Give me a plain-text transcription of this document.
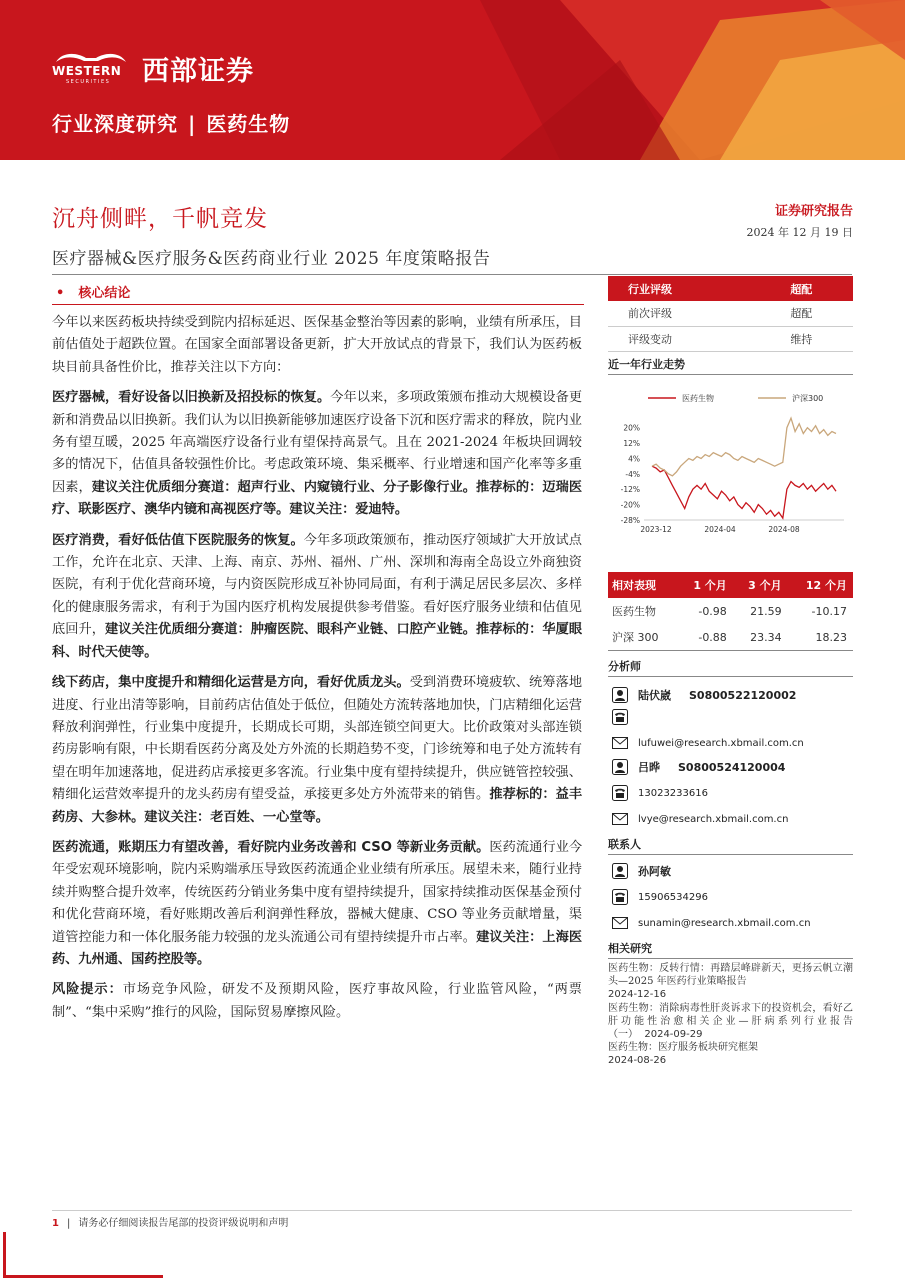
WESTERN
SECURITIES 西部证券
行业深度研究 | 医药生物
沉舟侧畔，千帆竞发
医疗器械&医疗服务&医药商业行业 2025 年度策略报告
证券研究报告
2024 年 12 月 19 日
• 核心结论

今年以来医药板块持续受到院内招标延迟、医保基金整治等因素的影响，业绩有所承压，目前估值处于超跌位置。在国家全面部署设备更新，扩大开放试点的背景下，我们认为医药板块目前具备性价比，推荐关注以下方向：

医疗器械，看好设备以旧换新及招投标的恢复。今年以来，多项政策颁布推动大规模设备更新和消费品以旧换新。我们认为以旧换新能够加速医疗设备下沉和医疗需求的释放，院内业务有望互暖，2025 年高端医疗设备行业有望保持高景气。且在 2021-2024 年板块回调较多的情况下，估值具备较强性价比。考虑政策环境、集采概率、行业增速和国产化率等多重因素，建议关注优质细分赛道：超声行业、内窥镜行业、分子影像行业。推荐标的：迈瑞医疗、联影医疗、澳华内镜和高视医疗等。建议关注：爱迪特。

医疗消费，看好低估值下医院服务的恢复。今年多项政策颁布，推动医疗领域扩大开放试点工作，允许在北京、天津、上海、南京、苏州、福州、广州、深圳和海南全岛设立外商独资医院，有利于优化营商环境，与内资医院形成互补协同局面，有利于满足居民多层次、多样化的健康服务需求，有利于为国内医疗机构发展提供参考借鉴。看好医疗服务业绩和估值见底回升，建议关注优质细分赛道：肿瘤医院、眼科产业链、口腔产业链。推荐标的：华厦眼科、时代天使等。

线下药店，集中度提升和精细化运营是方向，看好优质龙头。受到消费环境疲软、统筹落地进度、行业出清等影响，目前药店估值处于低位，但随处方流转落地加快，门店精细化运营释放利润弹性，行业集中度提升，长期成长可期，头部连锁空间更大。比价政策对头部连锁药房影响有限，中长期看医药分离及处方外流的长期趋势不变，门诊统筹和电子处方流转有望在明年加速落地，促进药店承接更多客流。行业集中度有望持续提升，供应链管控较强、精细化运营效率提升的龙头药房有望受益，承接更多处方外流带来的销售。推荐标的：益丰药房、大参林。建议关注：老百姓、一心堂等。

医药流通，账期压力有望改善，看好院内业务改善和 CSO 等新业务贡献。医药流通行业今年受宏观环境影响，院内采购端承压导致医药流通企业业绩有所承压。展望未来，随行业持续并购整合提升效率，传统医药分销业务集中度有望持续提升，国家持续推动医保基金预付和优化营商环境，看好账期改善后利润弹性释放，器械大健康、CSO 等业务贡献增量，渠道管控能力和一体化服务能力较强的龙头流通公司有望持续提升市占率。建议关注：上海医药、九州通、国药控股等。

风险提示：市场竞争风险，研发不及预期风险，医疗事故风险，行业监管风险，“两票制”、“集中采购”推行的风险，国际贸易摩擦风险。

行业评级	超配
前次评级	超配
评级变动	维持
近一年行业走势
医药生物	沪深300
20%
12%
4%
-4%
-12%
-20%
-28%
2023-12	2024-04	2024-08
相对表现	1 个月	3 个月	12 个月
医药生物	-0.98	21.59	-10.17
沪深 300	-0.88	23.34	18.23
分析师
陆伏崴 S0800522120002
lufuwei@research.xbmail.com.cn
吕晔 S0800524120004
13023233616
lvye@research.xbmail.com.cn
联系人
孙阿敏
15906534296
sunamin@research.xbmail.com.cn
相关研究
医药生物：反转行情：再踏层峰辟新天，更扬云帆立潮头—2025 年医药行业策略报告
2024-12-16
医药生物：消除病毒性肝炎诉求下的投资机会，看好乙肝功能性治愈相关企业—肝病系列行业报告（一） 2024-09-29
医药生物：医疗服务板块研究框架
2024-08-26
1 | 请务必仔细阅读报告尾部的投资评级说明和声明
